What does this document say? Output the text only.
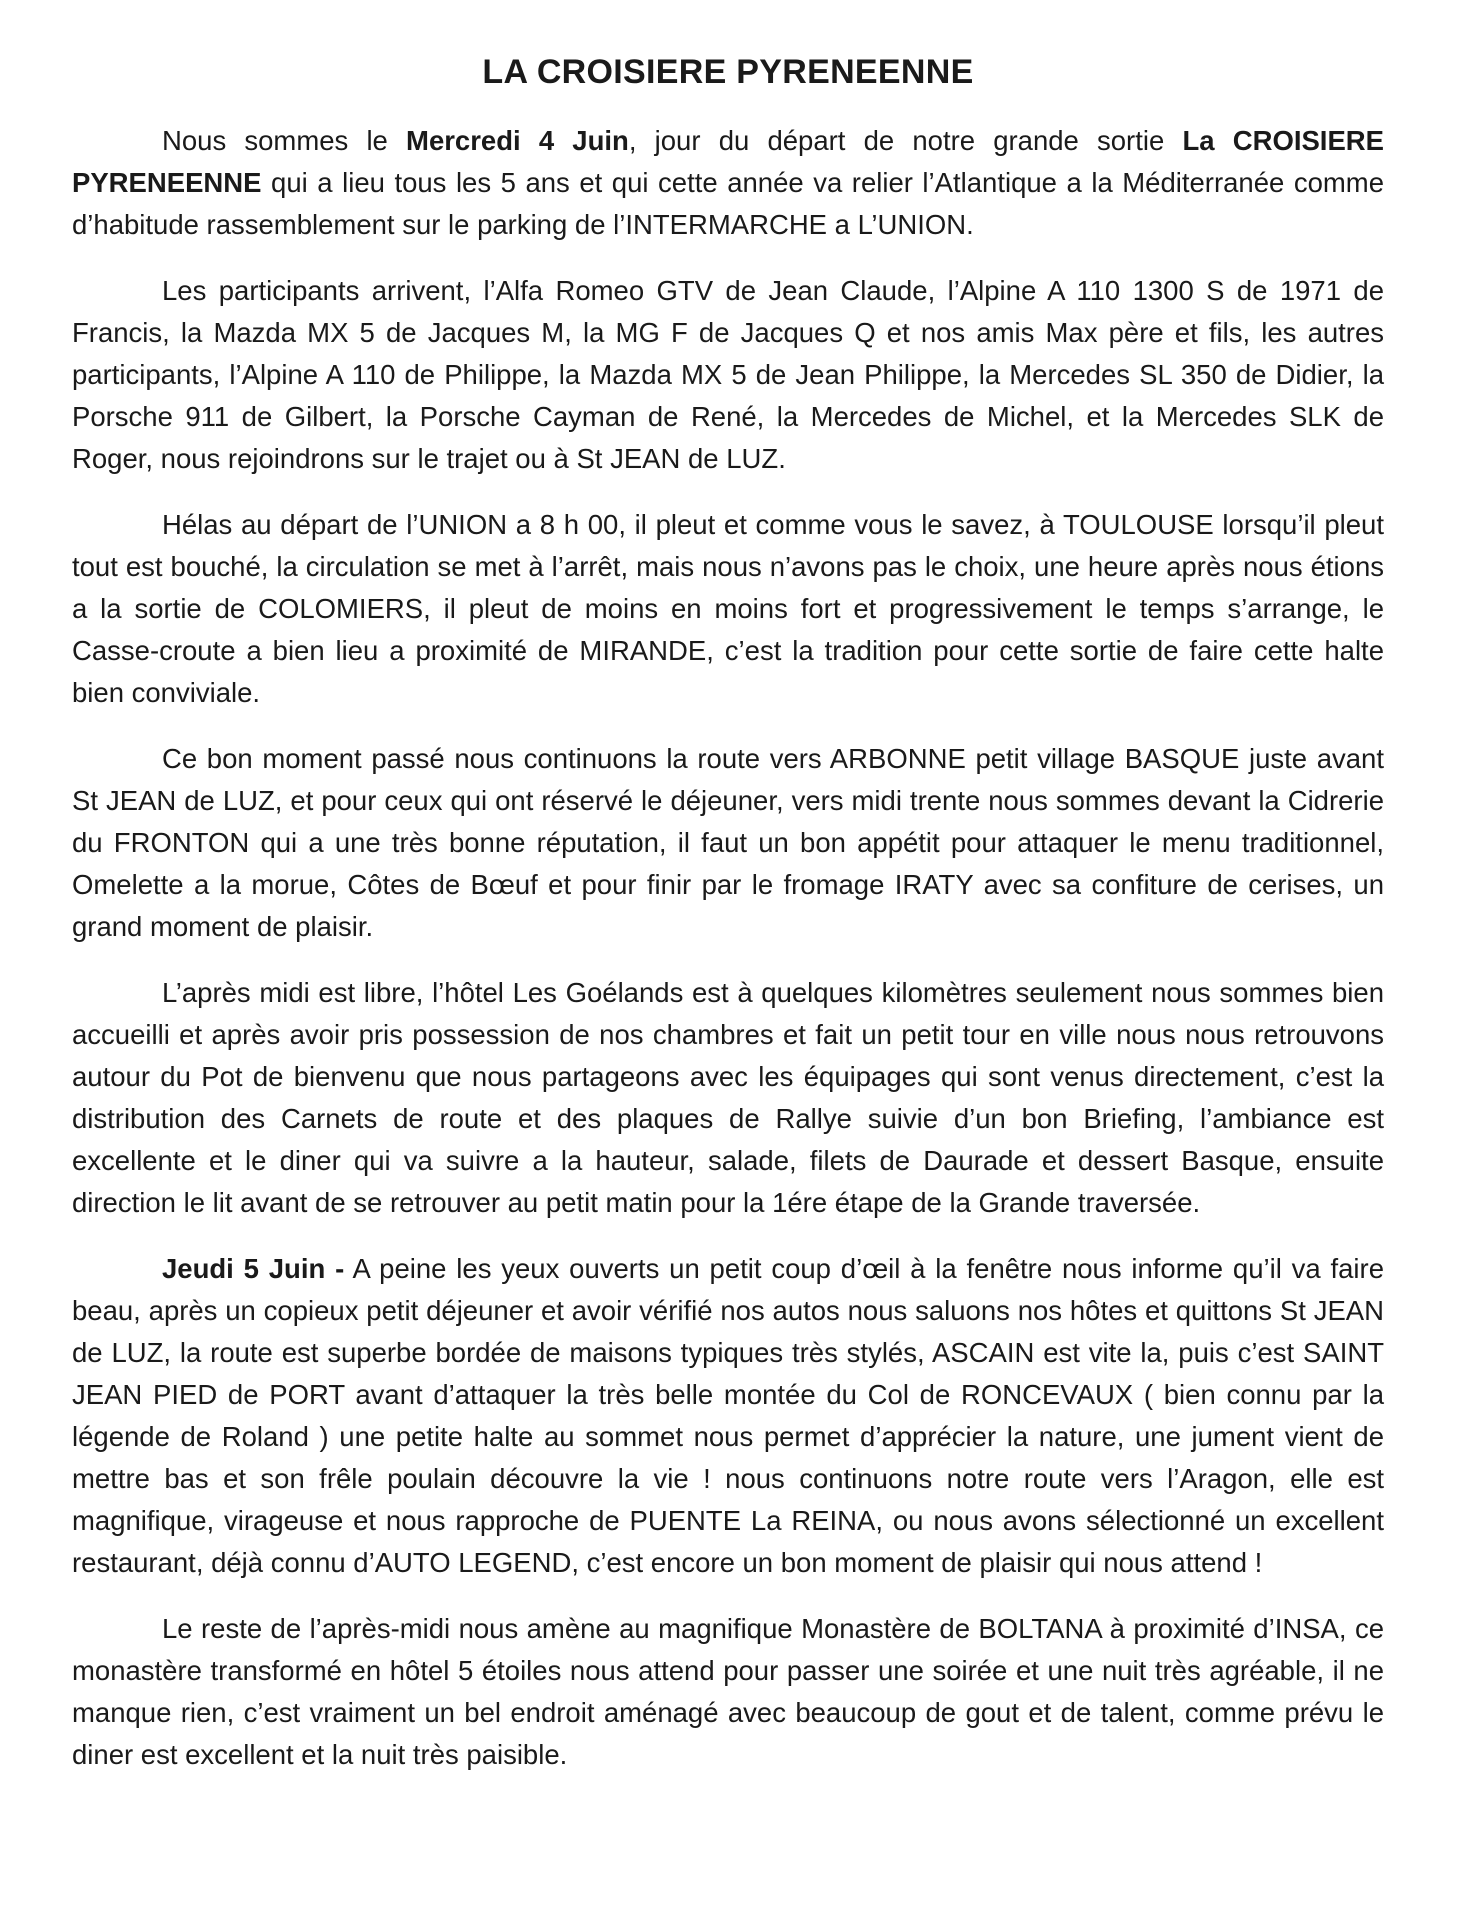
LA CROISIERE PYRENEENNE

Nous sommes le Mercredi 4 Juin, jour du départ de notre grande sortie La CROISIERE PYRENEENNE qui a lieu tous les 5 ans et qui cette année va relier l’Atlantique a la Méditerranée comme d’habitude rassemblement sur le parking de l’INTERMARCHE a L’UNION.

Les participants arrivent, l’Alfa Romeo GTV de Jean Claude, l’Alpine A 110 1300 S de 1971 de Francis, la Mazda MX 5 de Jacques M, la MG F de Jacques Q et nos amis Max père et fils, les autres participants, l’Alpine A 110 de Philippe, la Mazda MX 5 de Jean Philippe, la Mercedes SL 350 de Didier, la Porsche 911 de Gilbert, la Porsche Cayman de René, la Mercedes de Michel, et la Mercedes SLK de Roger, nous rejoindrons sur le trajet ou à St JEAN de LUZ.

Hélas au départ de l’UNION a 8 h 00, il pleut et comme vous le savez, à TOULOUSE lorsqu’il pleut tout est bouché, la circulation se met à l’arrêt, mais nous n’avons pas le choix, une heure après nous étions a la sortie de COLOMIERS, il pleut de moins en moins fort et progressivement le temps s’arrange, le Casse-croute a bien lieu a proximité de MIRANDE, c’est la tradition pour cette sortie de faire cette halte bien conviviale.

Ce bon moment passé nous continuons la route vers ARBONNE petit village BASQUE juste avant St JEAN de LUZ, et pour ceux qui ont réservé le déjeuner, vers midi trente nous sommes devant la Cidrerie du FRONTON qui a une très bonne réputation, il faut un bon appétit pour attaquer le menu traditionnel, Omelette a la morue, Côtes de Bœuf et pour finir par le fromage IRATY avec sa confiture de cerises, un grand moment de plaisir.

L’après midi est libre, l’hôtel Les Goélands est à quelques kilomètres seulement nous sommes bien accueilli et après avoir pris possession de nos chambres et fait un petit tour en ville nous nous retrouvons autour du Pot de bienvenu que nous partageons avec les équipages qui sont venus directement, c’est la distribution des Carnets de route et des plaques de Rallye suivie d’un bon Briefing, l’ambiance est excellente et le diner qui va suivre a la hauteur, salade, filets de Daurade et dessert Basque, ensuite direction le lit avant de se retrouver au petit matin pour la 1ére étape de la Grande traversée.

Jeudi 5 Juin - A peine les yeux ouverts un petit coup d’œil à la fenêtre nous informe qu’il va faire beau, après un copieux petit déjeuner et avoir vérifié nos autos nous saluons nos hôtes et quittons St JEAN de LUZ, la route est superbe bordée de maisons typiques très stylés, ASCAIN est vite la, puis c’est SAINT JEAN PIED de PORT avant d’attaquer la très belle montée du Col de RONCEVAUX ( bien connu par la légende de Roland ) une petite halte au sommet nous permet d’apprécier la nature, une jument vient de mettre bas et son frêle poulain découvre la vie ! nous continuons notre route vers l’Aragon, elle est magnifique, virageuse et nous rapproche de PUENTE La REINA, ou nous avons sélectionné un excellent restaurant, déjà connu d’AUTO LEGEND, c’est encore un bon moment de plaisir qui nous attend !

Le reste de l’après-midi nous amène au magnifique Monastère de BOLTANA à proximité d’INSA, ce monastère transformé en hôtel 5 étoiles nous attend pour passer une soirée et une nuit très agréable, il ne manque rien, c’est vraiment un bel endroit aménagé avec beaucoup de gout et de talent, comme prévu le diner est excellent et la nuit très paisible.
